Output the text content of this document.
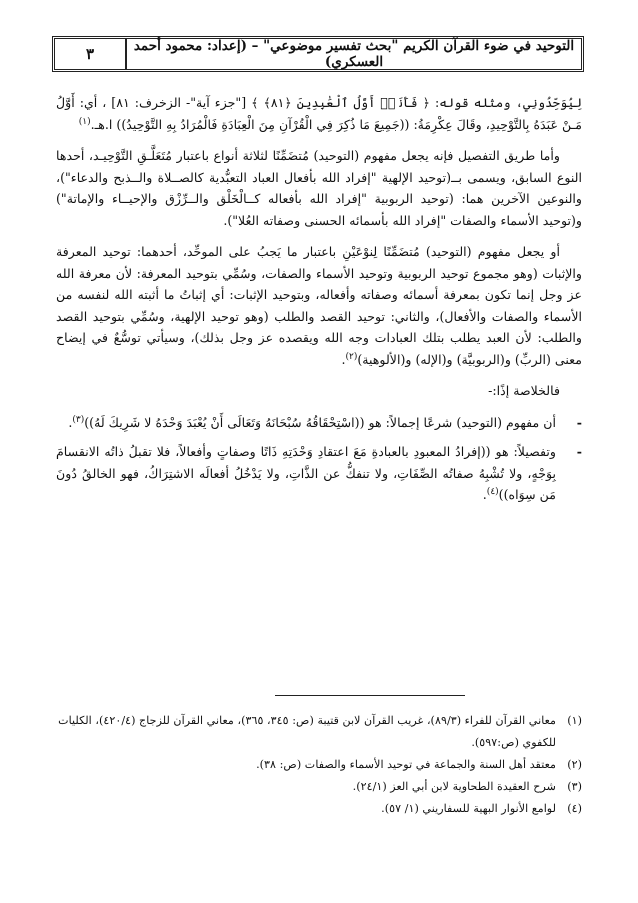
التوحيد في ضوء القرآن الكريم "بحث تفسير موضوعي" – (إعداد: محمود أحمد العسكري)
٣

لِيُوَحِّدُونِي، ومثله قوله: ﴿ فَأَنَا۠ أَوَّلُ ٱلْعَٰبِدِينَ ﴿٨١﴾ ﴾ ["جزء آية"- الزخرف: ٨١] ، أي: أَوَّلُ مَـنْ عَبَدَهُ بِالتَّوْحِيدِ، وقَالَ عِكْرِمَةُ: ((جَمِيعَ مَا ذُكِرَ فِي الْقُرْآنِ مِنَ الْعِبَادَةِ فَالْمُرَادُ بِهِ التَّوْحِيدُ)) ا.هـ.$^{(١)}$

وأما طريق التفصيل فإنه يجعل مفهوم (التوحيد) مُتضَمِّنًا لثلاثة أنواع باعتبار مُتَعَلَّـقِ التَّوْحِيـد، أحدها النوع السابق، ويسمى بــ(توحيد الإلهية "إفراد الله بأفعال العباد التعبُّدية كالصــلاة والــذبح والدعاء")، والنوعين الآخرين هما: (توحيد الربوبية "إفراد الله بأفعاله كــالْخَلْق والــرِّزْق والإحيــاء والإماتة") و(توحيد الأسماء والصفات "إفراد الله بأسمائه الحسنى وصفاته العُلا").

أو يجعل مفهوم (التوحيد) مُتضَمِّنًا لِنوْعَيْنِ باعتبار ما يَجبُ على الموحِّد، أحدهما: توحيد المعرفة والإثبات (وهو مجموع توحيد الربوبية وتوحيد الأسماء والصفات، وسُمِّي بتوحيد المعرفة: لأن معرفة الله عز وجل إنما تكون بمعرفة أسمائه وصفاته وأفعاله، وبتوحيد الإثبات: أي إثباتُ ما أثبته الله لنفسه من الأسماء والصفات والأفعال)، والثاني: توحيد القصد والطلب (وهو توحيد الإلهية، وسُمِّي بتوحيد القصد والطلب: لأن العبد يطلب بتلك العبادات وجه الله ويقصده عز وجل بذلك)، وسيأتي توسُّعٌ في إيضاح معنى (الربِّ) و(الربوبيَّة) و(الإله) و(الألوهية)$^{(٢)}$.

فالخلاصة إذًا:-

-
أن مفهوم (التوحيد) شرعًا إجمالاً: هو ((اسْتِحْقَاقُهُ سُبْحَانَهُ وَتَعَالَى أَنْ يُعْبَدَ وَحْدَهُ لا شَرِيكَ لَهُ))$^{(٣)}$.
-
وتفصيلاً: هو ((إفرادُ المعبودِ بالعبادةِ مَعَ اعتقادِ وَحْدَتِهِ ذَاتًا وصفاتٍ وأفعالاً، فلا تقبلُ ذاتُه الانقسامَ بِوَجْهٍ، ولا تُشْبِهُ صفاتُه الصِّفَاتِ، ولا تنفكُّ عن الذَّاتِ، ولا يَدْخُلُ أفعالَه الاشتِرَاكُ، فهو الخالقُ دُونَ مَن سِوَاه))$^{(٤)}$.
(١)
معاني القرآن للفراء (٨٩/٣)، غريب القرآن لابن قتيبة (ص: ٣٤٥، ٣٦٥)، معاني القرآن للزجاج (٤٢٠/٤)، الكليات للكفوي (ص:٥٩٧).
(٢)
معتقد أهل السنة والجماعة في توحيد الأسماء والصفات (ص: ٣٨).
(٣)
شرح العقيدة الطحاوية لابن أبي العز (٢٤/١).
(٤)
لوامع الأنوار البهية للسفاريني (١/ ٥٧).
